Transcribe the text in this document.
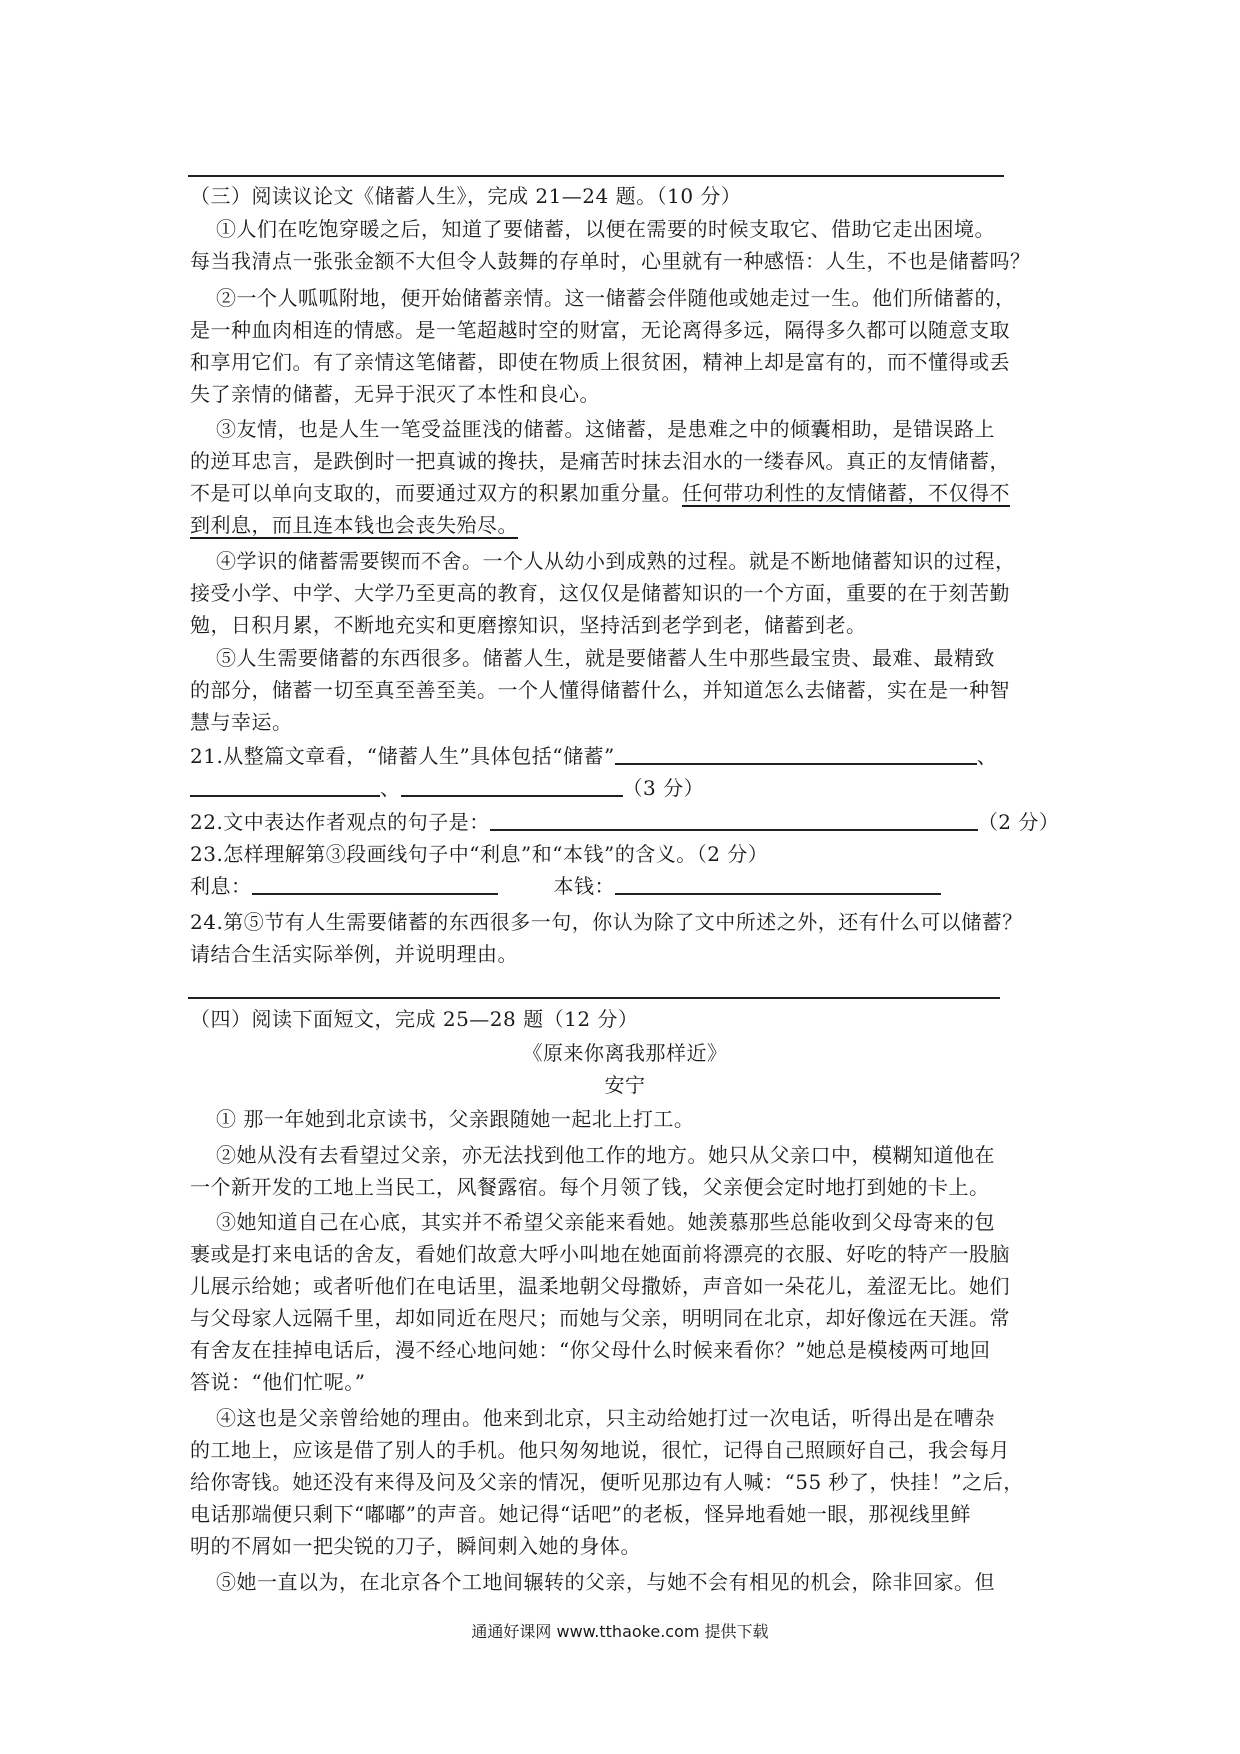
（三）阅读议论文《储蓄人生》，完成 21—24 题。（10 分）
①人们在吃饱穿暖之后，知道了要储蓄，以便在需要的时候支取它、借助它走出困境。
每当我清点一张张金额不大但令人鼓舞的存单时，心里就有一种感悟：人生，不也是储蓄吗？
②一个人呱呱附地，便开始储蓄亲情。这一储蓄会伴随他或她走过一生。他们所储蓄的，
是一种血肉相连的情感。是一笔超越时空的财富，无论离得多远，隔得多久都可以随意支取
和享用它们。有了亲情这笔储蓄，即使在物质上很贫困，精神上却是富有的，而不懂得或丢
失了亲情的储蓄，无异于泯灭了本性和良心。
③友情，也是人生一笔受益匪浅的储蓄。这储蓄，是患难之中的倾囊相助，是错误路上
的逆耳忠言，是跌倒时一把真诚的搀扶，是痛苦时抹去泪水的一缕春风。真正的友情储蓄，
不是可以单向支取的，而要通过双方的积累加重分量。任何带功利性的友情储蓄，不仅得不
到利息，而且连本钱也会丧失殆尽。
④学识的储蓄需要锲而不舍。一个人从幼小到成熟的过程。就是不断地储蓄知识的过程，
接受小学、中学、大学乃至更高的教育，这仅仅是储蓄知识的一个方面，重要的在于刻苦勤
勉，日积月累，不断地充实和更磨擦知识，坚持活到老学到老，储蓄到老。
⑤人生需要储蓄的东西很多。储蓄人生，就是要储蓄人生中那些最宝贵、最难、最精致
的部分，储蓄一切至真至善至美。一个人懂得储蓄什么，并知道怎么去储蓄，实在是一种智
慧与幸运。
21.从整篇文章看，“储蓄人生”具体包括“储蓄”	、
、	（3 分）
22.文中表达作者观点的句子是：	（2 分）
23.怎样理解第③段画线句子中“利息”和“本钱”的含义。（2 分）
利息：	本钱：
24.第⑤节有人生需要储蓄的东西很多一句，你认为除了文中所述之外，还有什么可以储蓄？
请结合生活实际举例，并说明理由。
（四）阅读下面短文，完成 25—28 题（12 分）
《原来你离我那样近》
安宁
① 那一年她到北京读书，父亲跟随她一起北上打工。
②她从没有去看望过父亲，亦无法找到他工作的地方。她只从父亲口中，模糊知道他在
一个新开发的工地上当民工，风餐露宿。每个月领了钱，父亲便会定时地打到她的卡上。
③她知道自己在心底，其实并不希望父亲能来看她。她羡慕那些总能收到父母寄来的包
裹或是打来电话的舍友，看她们故意大呼小叫地在她面前将漂亮的衣服、好吃的特产一股脑
儿展示给她；或者听他们在电话里，温柔地朝父母撒娇，声音如一朵花儿，羞涩无比。她们
与父母家人远隔千里，却如同近在咫尺；而她与父亲，明明同在北京，却好像远在天涯。常
有舍友在挂掉电话后，漫不经心地问她：“你父母什么时候来看你？”她总是模棱两可地回
答说：“他们忙呢。”
④这也是父亲曾给她的理由。他来到北京，只主动给她打过一次电话，听得出是在嘈杂
的工地上，应该是借了别人的手机。他只匆匆地说，很忙，记得自己照顾好自己，我会每月
给你寄钱。她还没有来得及问及父亲的情况，便听见那边有人喊：“55 秒了，快挂！”之后，
电话那端便只剩下“嘟嘟”的声音。她记得“话吧”的老板，怪异地看她一眼，那视线里鲜
明的不屑如一把尖锐的刀子，瞬间刺入她的身体。
⑤她一直以为，在北京各个工地间辗转的父亲，与她不会有相见的机会，除非回家。但
通通好课网 www.tthaoke.com 提供下载
